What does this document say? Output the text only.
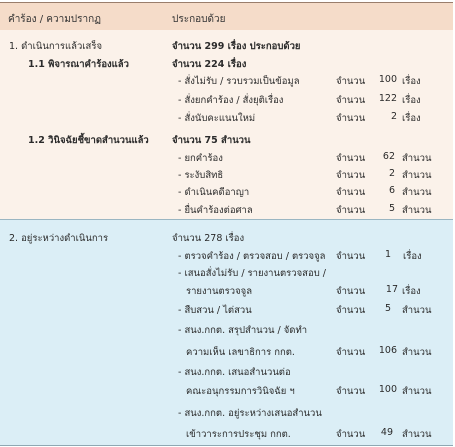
คำร้อง / ความปรากฏ	ประกอบด้วย
1. ดำเนินการแล้วเสร็จ	จำนวน 299 เรื่อง ประกอบด้วย
1.1 พิจารณาคำร้องแล้ว	จำนวน 224 เรื่อง
- สั่งไม่รับ / รวบรวมเป็นข้อมูล	จำนวน	100 เรื่อง
- สั่งยกคำร้อง / สั่งยุติเรื่อง	จำนวน	122 เรื่อง
- สั่งนับคะแนนใหม่	จำนวน	2 เรื่อง
1.2 วินิจฉัยชี้ขาดสำนวนแล้ว จำนวน 75 สำนวน
- ยกคำร้อง	จำนวน	62 สำนวน
- ระงับสิทธิ	จำนวน	2 สำนวน
- ดำเนินคดีอาญา	จำนวน	6 สำนวน
- ยื่นคำร้องต่อศาล	จำนวน	5 สำนวน
2. อยู่ระหว่างดำเนินการ	จำนวน 278 เรื่อง
- ตรวจคำร้อง / ตรวจสอบ / ตรวจจูล จำนวน	1 เรื่อง
- เสนอสั่งไม่รับ / รายงานตรวจสอบ /
รายงานตรวจจูล	จำนวน	17 เรื่อง
- สืบสวน / ไต่สวน	จำนวน	5 สำนวน
- สนง.กกต. สรุปสำนวน / จัดทำ
ความเห็น เลขาธิการ กกต.	จำนวน	106 สำนวน
- สนง.กกต. เสนอสำนวนต่อ
คณะอนุกรรมการวินิจฉัย ฯ	จำนวน	100 สำนวน
- สนง.กกต. อยู่ระหว่างเสนอสำนวน
เข้าวาระการประชุม กกต.	จำนวน	49 สำนวน
